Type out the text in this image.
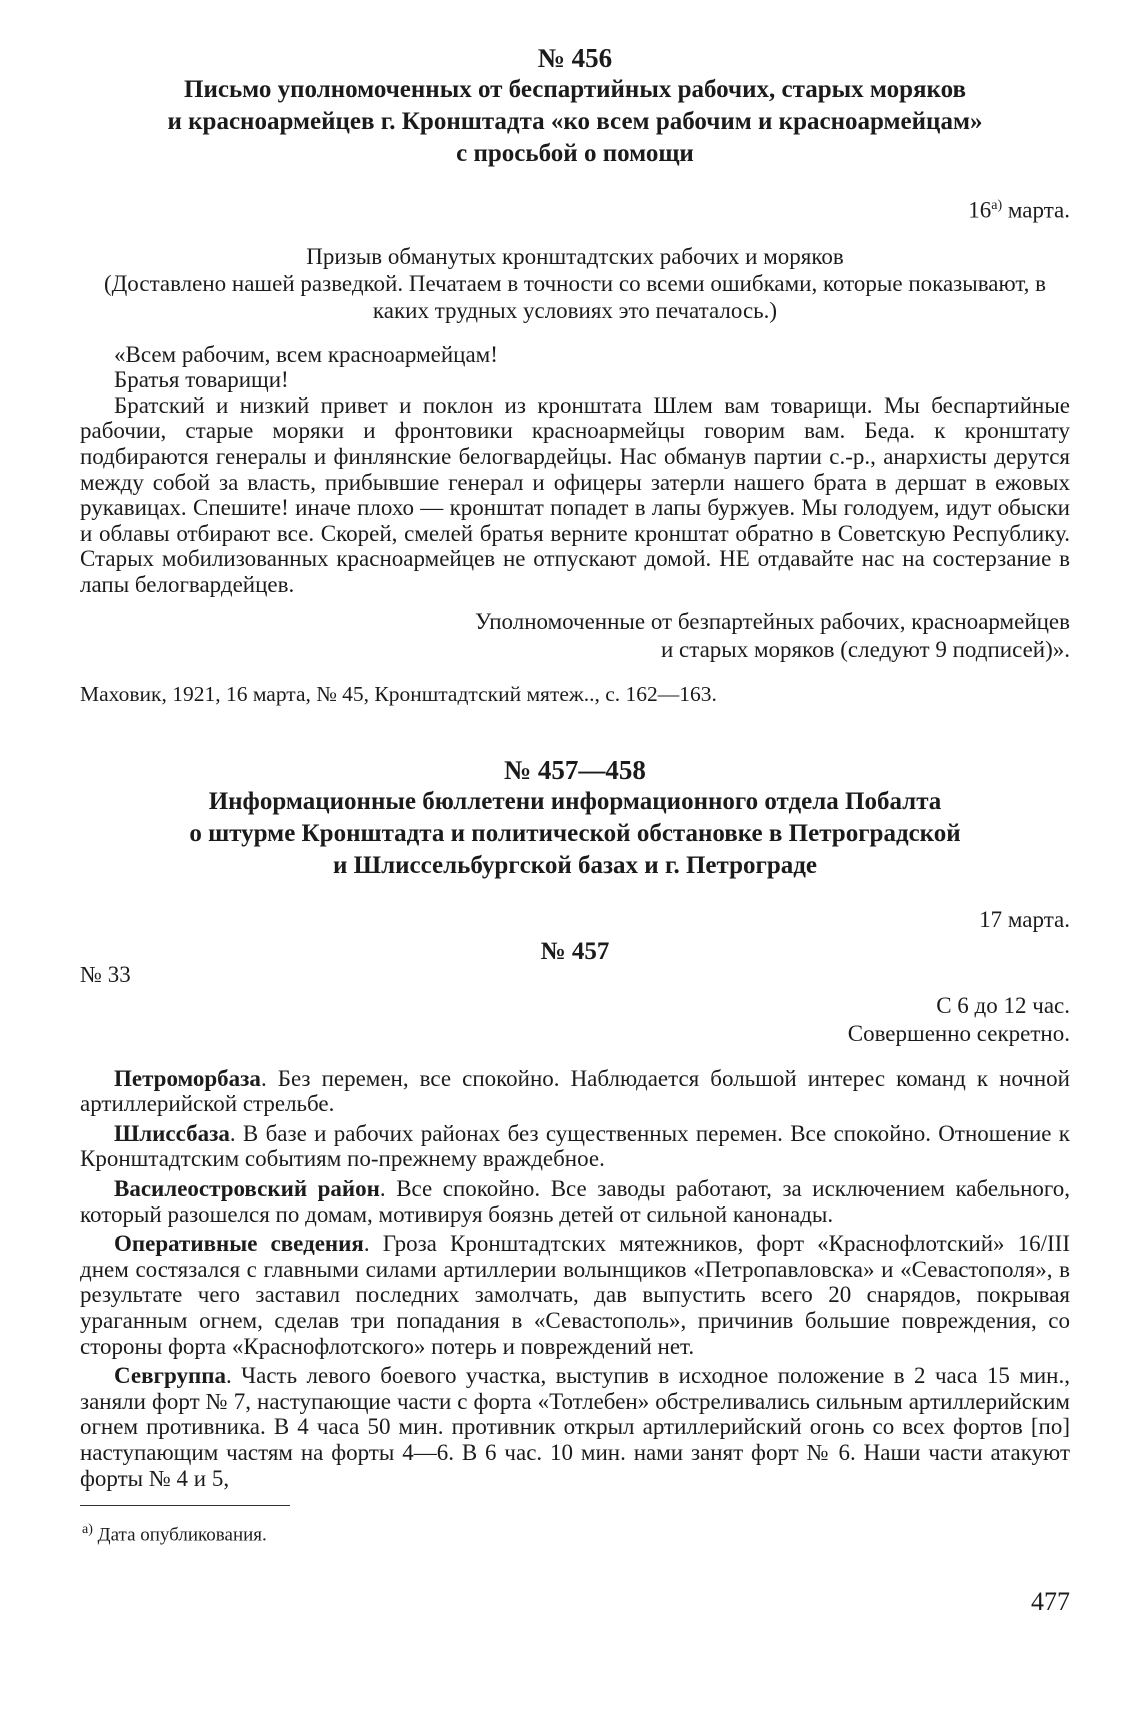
№ 456
Письмо уполномоченных от беспартийных рабочих, старых моряков
и красноармейцев г. Кронштадта «ко всем рабочим и красноармейцам»
с просьбой о помощи
$16^{а)}$ марта.
Призыв обманутых кронштадтских рабочих и моряков
(Доставлено нашей разведкой. Печатаем в точности со всеми ошибками, которые показывают, в каких трудных условиях это печаталось.)

«Всем рабочим, всем красноармейцам!

Братья товарищи!

Братский и низкий привет и поклон из кронштата Шлем вам товарищи. Мы беспартийные рабочии, старые моряки и фронтовики красноармейцы говорим вам. Беда. к кронштату подбираются генералы и финлянские белогвардейцы. Нас обманув партии с.-р., анархисты дерутся между собой за власть, прибывшие генерал и офицеры затерли нашего брата в дершат в ежовых рукавицах. Спешите! иначе плохо — кронштат попадет в лапы буржуев. Мы голодуем, идут обыски и облавы отбирают все. Скорей, смелей братья верните кронштат обратно в Советскую Республику. Старых мобилизованных красноармейцев не отпускают домой. НЕ отдавайте нас на состерзание в лапы белогвардейцев.

Уполномоченные от безпартейных рабочих, красноармейцев
и старых моряков (следуют 9 подписей)».
Маховик, 1921, 16 марта, № 45, Кронштадтский мятеж.., с. 162—163.
№ 457—458
Информационные бюллетени информационного отдела Побалта
о штурме Кронштадта и политической обстановке в Петроградской
и Шлиссельбургской базах и г. Петрограде
17 марта.
№ 457
№ 33
С 6 до 12 час.
Совершенно секретно.

Петроморбаза. Без перемен, все спокойно. Наблюдается большой интерес команд к ночной артиллерийской стрельбе.

Шлиссбаза. В базе и рабочих районах без существенных перемен. Все спокойно. Отношение к Кронштадтским событиям по-прежнему враждебное.

Василеостровский район. Все спокойно. Все заводы работают, за исключением кабельного, который разошелся по домам, мотивируя боязнь детей от сильной канонады.

Оперативные сведения. Гроза Кронштадтских мятежников, форт «Краснофлотский» 16/III днем состязался с главными силами артиллерии волынщиков «Петропавловска» и «Севастополя», в результате чего заставил последних замолчать, дав выпустить всего 20 снарядов, покрывая ураганным огнем, сделав три попадания в «Севастополь», причинив большие повреждения, со стороны форта «Краснофлотского» потерь и повреждений нет.

Севгруппа. Часть левого боевого участка, выступив в исходное положение в 2 часа 15 мин., заняли форт № 7, наступающие части с форта «Тотлебен» обстреливались сильным артиллерийским огнем противника. В 4 часа 50 мин. противник открыл артиллерийский огонь со всех фортов [по] наступающим частям на форты 4—6. В 6 час. 10 мин. нами занят форт № 6. Наши части атакуют форты № 4 и 5,

$^{а)}$ Дата опубликования.
477
